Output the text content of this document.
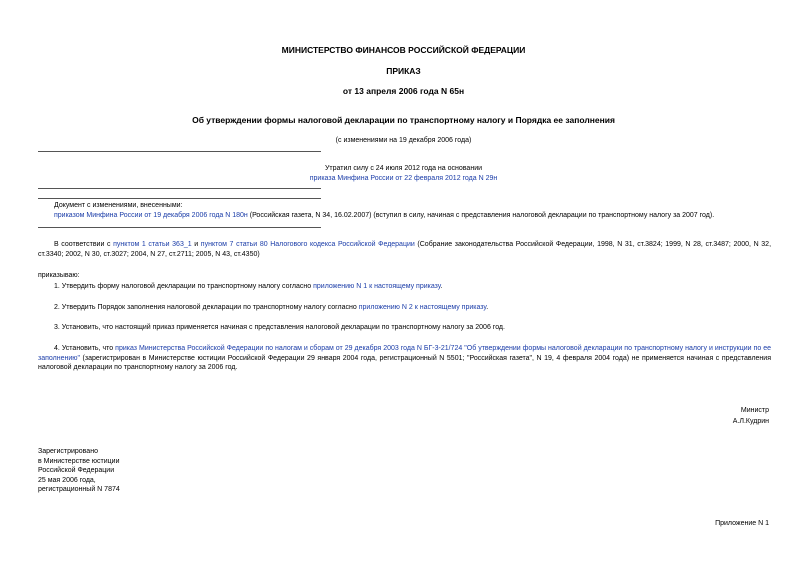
МИНИСТЕРСТВО ФИНАНСОВ РОССИЙСКОЙ ФЕДЕРАЦИИ
ПРИКАЗ
от 13 апреля 2006 года N 65н
Об утверждении формы налоговой декларации по транспортному налогу и Порядка ее заполнения
(с изменениями на 19 декабря 2006 года)
Утратил силу с 24 июля 2012 года на основании
приказа Минфина России от 22 февраля 2012 года N 29н
Документ с изменениями, внесенными:
приказом Минфина России от 19 декабря 2006 года N 180н (Российская газета, N 34, 16.02.2007) (вступил в силу, начиная с представления налоговой декларации по транспортному налогу за 2007 год).
В соответствии с пунктом 1 статьи 363_1 и пунктом 7 статьи 80 Налогового кодекса Российской Федерации (Собрание законодательства Российской Федерации, 1998, N 31, ст.3824; 1999, N 28, ст.3487; 2000, N 32, ст.3340; 2002, N 30, ст.3027; 2004, N 27, ст.2711; 2005, N 43, ст.4350)
приказываю:
1. Утвердить форму налоговой декларации по транспортному налогу согласно приложению N 1 к настоящему приказу.
2. Утвердить Порядок заполнения налоговой декларации по транспортному налогу согласно приложению N 2 к настоящему приказу.
3. Установить, что настоящий приказ применяется начиная с представления налоговой декларации по транспортному налогу за 2006 год.
4. Установить, что приказ Министерства Российской Федерации по налогам и сборам от 29 декабря 2003 года N БГ-3-21/724 "Об утверждении формы налоговой декларации по транспортному налогу и инструкции по ее заполнению" (зарегистрирован в Министерстве юстиции Российской Федерации 29 января 2004 года, регистрационный N 5501; "Российская газета", N 19, 4 февраля 2004 года) не применяется начиная с представления налоговой декларации по транспортному налогу за 2006 год.
Министр
А.Л.Кудрин
Зарегистрировано
в Министерстве юстиции
Российской Федерации
25 мая 2006 года,
регистрационный N 7874
Приложение N 1
